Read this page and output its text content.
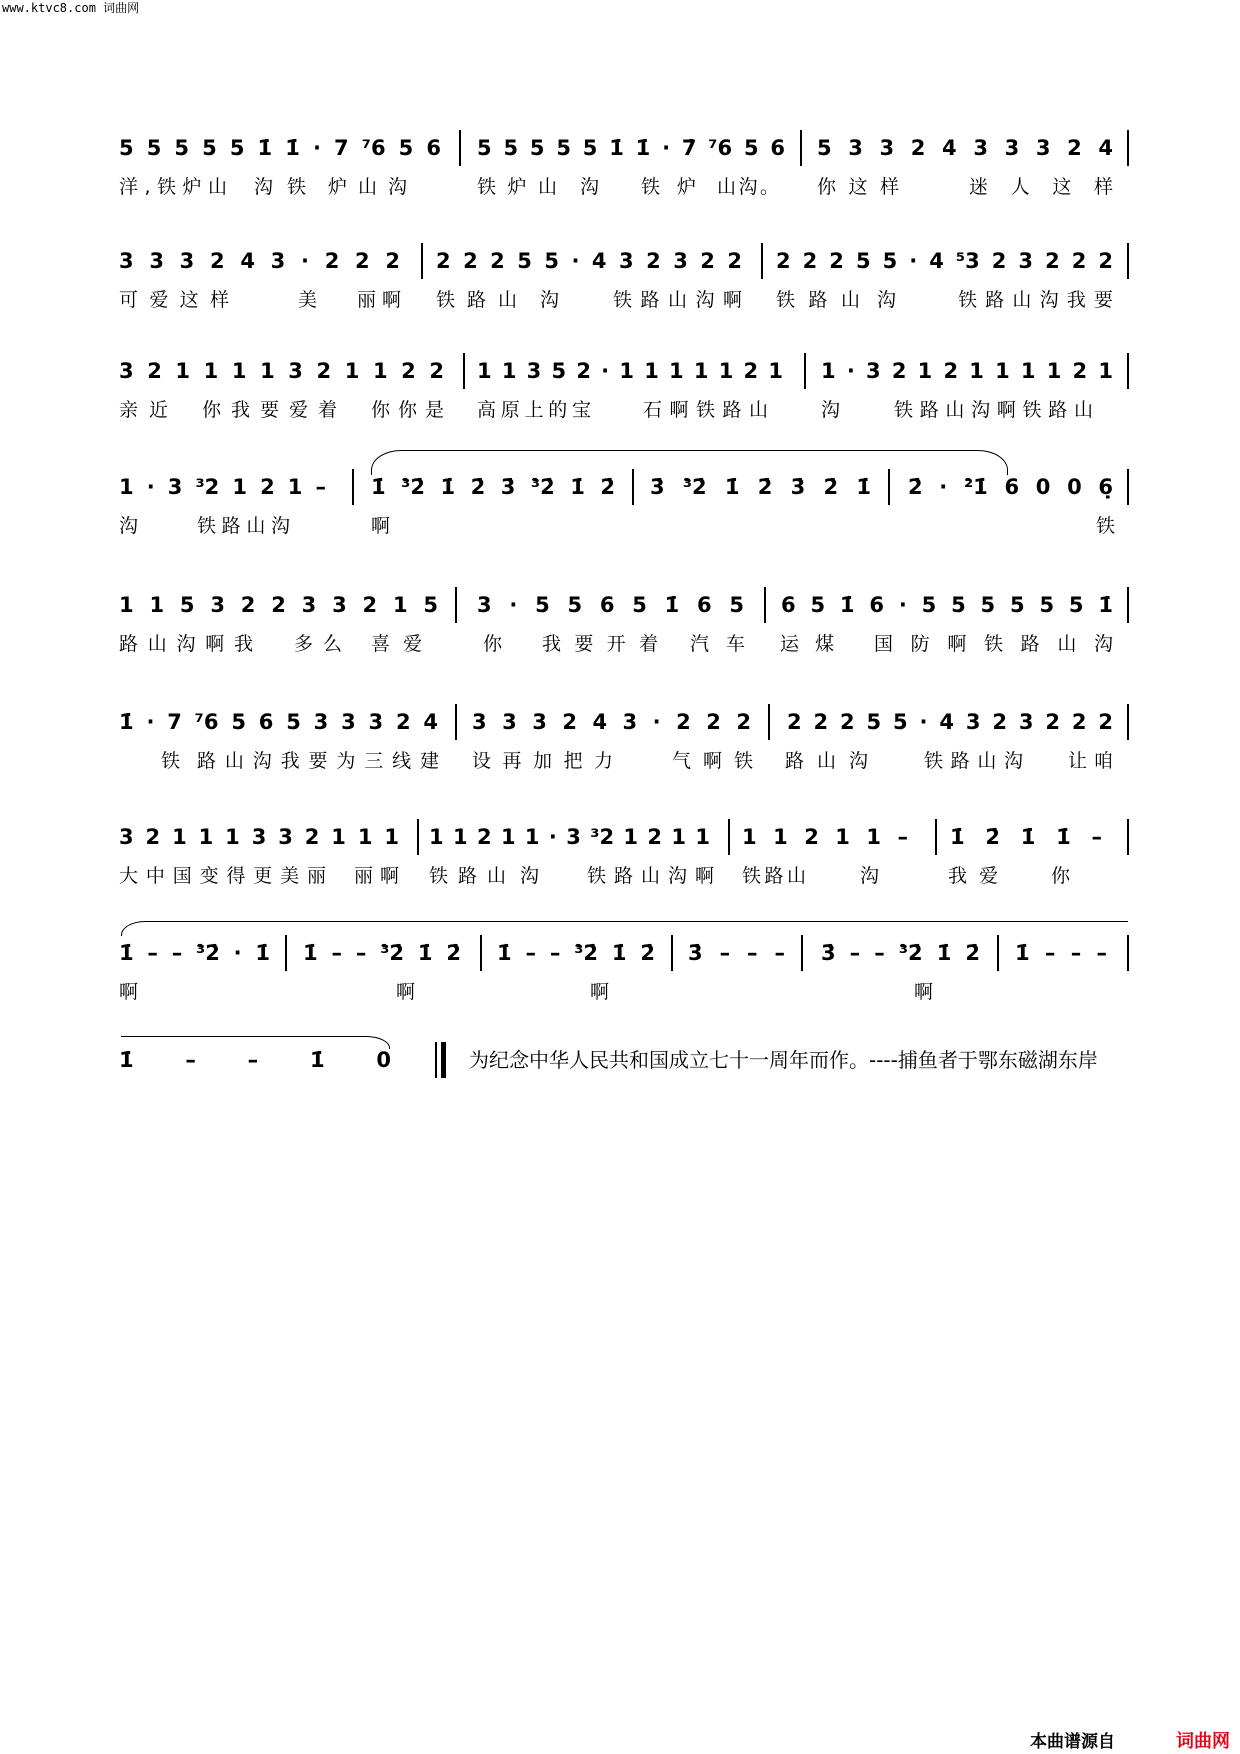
www.ktvc8.com 词曲网
5 5 5 5 5 1̇ 1̇ · 7 ⁷6 5 6 5 5 5 5 5 1̇ 1̇ · 7̇ ⁷6 5 6 5 3 3 2 4 3 3 3 2 4
洋,铁炉山 沟铁 炉山沟	铁炉山 沟 铁 炉 山沟。 你这样	迷人这样
3 3 3 2 4 3 · 2 2 2 2 2 2 5 5 · 4 3 2 3 2 2 2 2 2 5 5 · 4 ⁵3 2 3 2 2 2
可爱这样	美 丽啊 铁路山 沟	铁路山沟啊 铁路山 沟	铁路山沟我要
3 2 1 1 1 1 3 2 1 1 2 2 1 1 3 5 2 · 1 1 1 1 1 2 1 1 · 3 2 1 2 1 1 1 1 2 1
亲近 你我要爱着 你你是 高原上的宝	石啊铁路山	沟	铁路山沟啊铁路山
1 · 3 ³2 1 2 1 – 1̇ ³̇2̇ 1̇ 2̇ 3̇ ³̇2̇ 1̇ 2̇ 3̇ ³̇2̇ 1̇ 2̇ 3̇ 2̇ 1̇ 2̇ · ²̇1̇ 6 0 0 6̣
沟	铁路山沟	啊	铁
1 1 5 3 2 2 3 3 2 1 5 3 · 5 5 6 5 1̇ 6 5 6 5 1̇ 6 · 5 5 5 5 5 5 1̇
路山沟啊我 多么 喜爱	你 我要开着 汽车 运煤 国防啊铁路山沟
1̇ · 7 ⁷6 5 6 5 3 3 3 2 4 3 3 3 2 4 3 · 2 2 2 2 2 2 5 5 · 4 3 2 3 2 2 2
铁 路山沟我要为三线建 设再加把力	气啊铁 路山沟	铁路山沟 让咱
3 2 1 1 1 3 3 2 1 1 1 1 1 2 1 1 · 3 ³2 1 2 1 1 1 1 2 1 1 – 1̇ 2̇ 1̇ 1̇ –
大中国变得更美丽 丽啊 铁路山 沟	铁路山沟啊 铁路山	沟	我爱	你
1̇ – – ³̇2̇ · 1̇ 1̇ – – ³̇2̇ 1̇ 2̇ 1̇ – – ³̇2̇ 1̇ 2̇ 3̇ – – – 3̇ – – ³̇2̇ 1̇ 2̇ 1̇ – – –
啊	啊	啊	啊
1̇ – – 1̇ 0	为纪念中华人民共和国成立七十一周年而作。----捕鱼者于鄂东磁湖东岸
本曲谱源自	词曲网
